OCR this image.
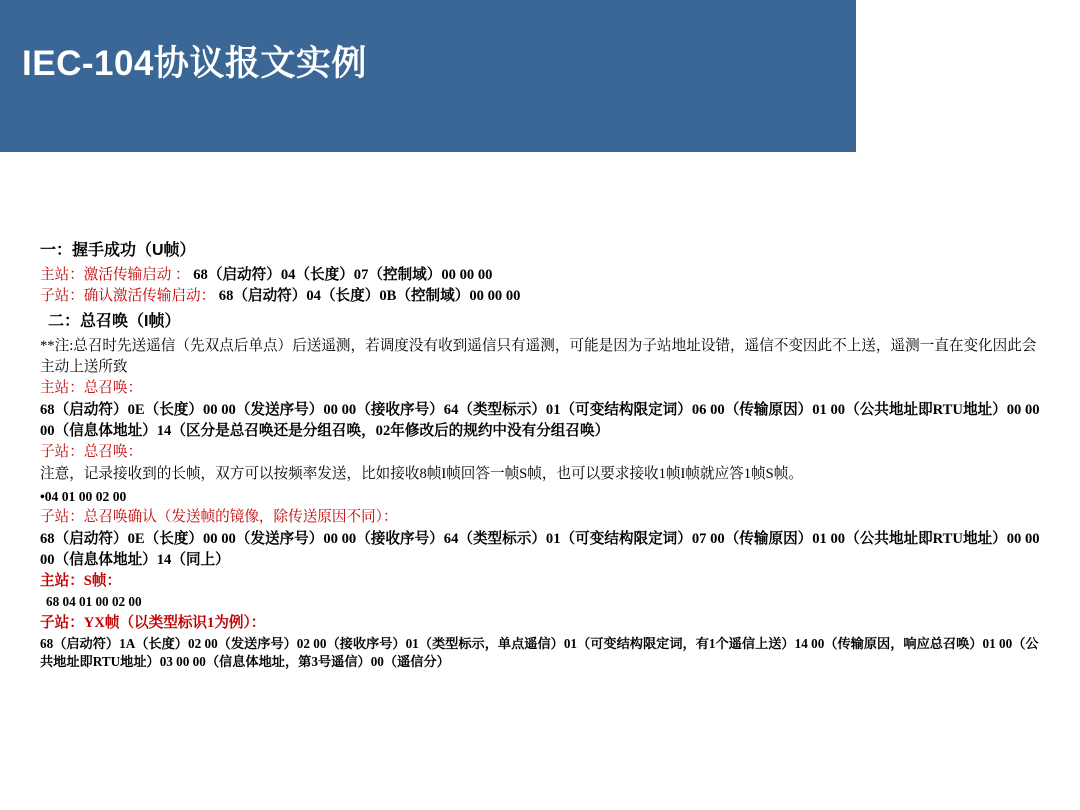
IEC-104协议报文实例
一：握手成功（U帧）
主站：激活传输启动 ： 68（启动符）04（长度）07（控制域）00 00 00
子站：确认激活传输启动： 68（启动符）04（长度）0B（控制域）00 00 00
二：总召唤（I帧）
**注:总召时先送遥信（先双点后单点）后送遥测，若调度没有收到遥信只有遥测，可能是因为子站地址设错，遥信不变因此不上送，遥测一直在变化因此会主动上送所致
主站：总召唤：
68（启动符）0E（长度）00 00（发送序号）00 00（接收序号）64（类型标示）01（可变结构限定词）06 00（传输原因）01 00（公共地址即RTU地址）00 00 00（信息体地址）14（区分是总召唤还是分组召唤，02年修改后的规约中没有分组召唤）
子站：总召唤：
注意，记录接收到的长帧，双方可以按频率发送，比如接收8帧I帧回答一帧S帧，也可以要求接收1帧I帧就应答1帧S帧。
•04 01 00 02 00
子站：总召唤确认（发送帧的镜像，除传送原因不同）：
68（启动符）0E（长度）00 00（发送序号）00 00（接收序号）64（类型标示）01（可变结构限定词）07 00（传输原因）01 00（公共地址即RTU地址）00 00 00（信息体地址）14（同上）
主站：S帧：
68 04 01 00 02 00
子站：YX帧（以类型标识1为例）：
68（启动符）1A（长度）02 00（发送序号）02 00（接收序号）01（类型标示，单点遥信）01（可变结构限定词，有1个遥信上送）14 00（传输原因，响应总召唤）01 00（公共地址即RTU地址）03 00 00（信息体地址，第3号遥信）00（遥信分）
